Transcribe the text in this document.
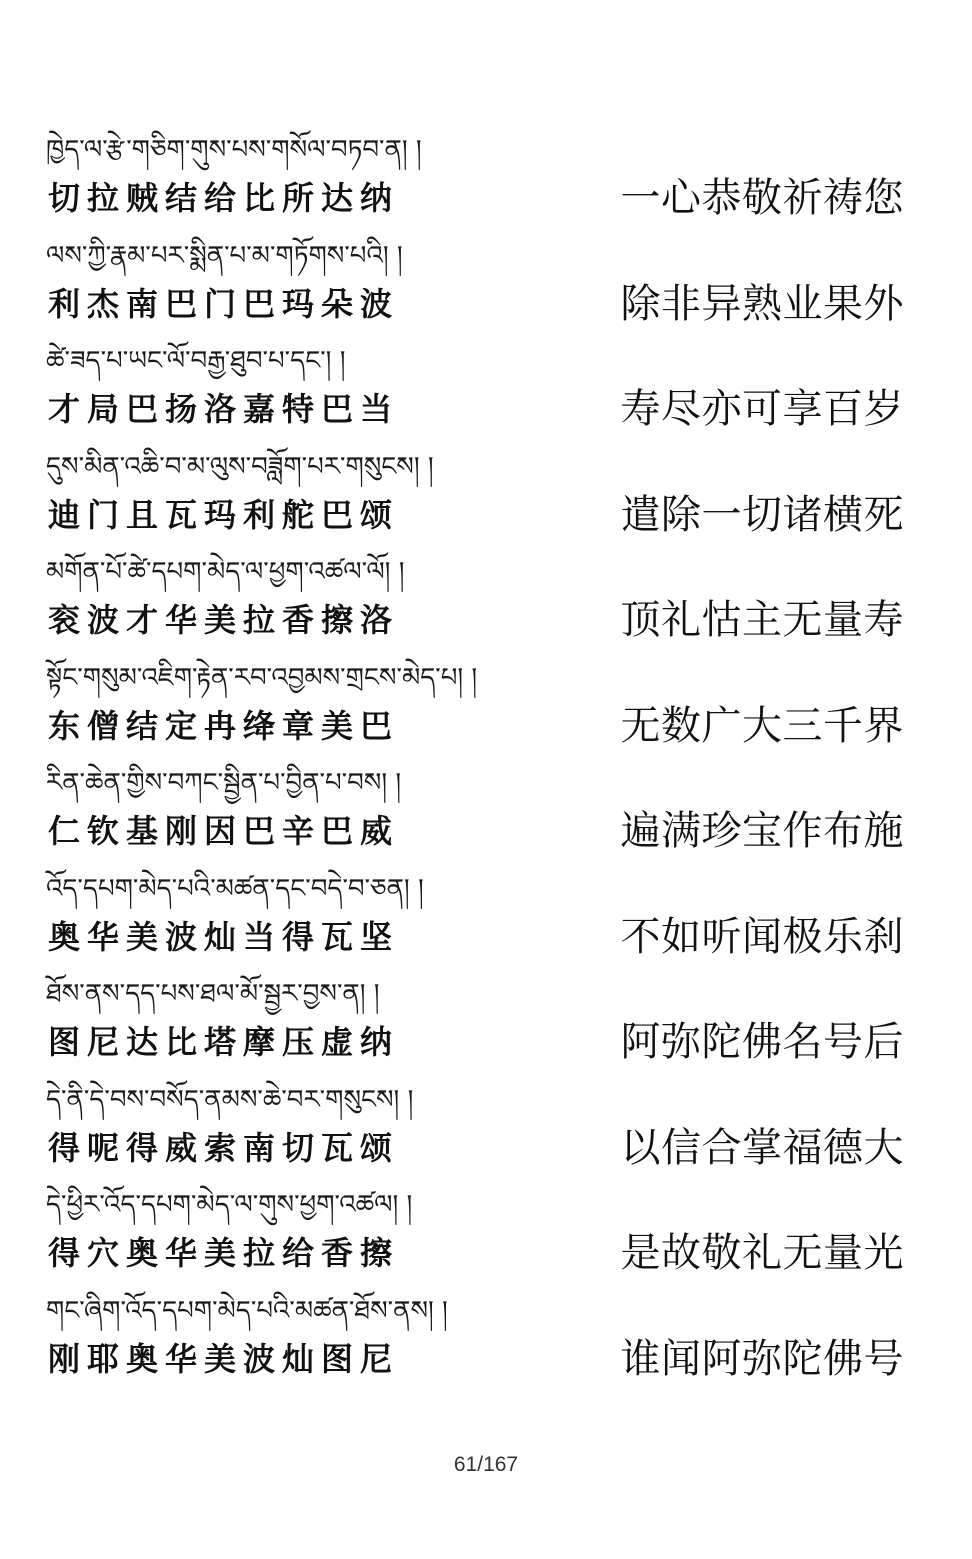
ཁྱེད་ལ་རྩེ་གཅིག་གུས་པས་གསོལ་བཏབ་ན། །
切拉贼结给比所达纳	一心恭敬祈祷您
ལས་ཀྱི་རྣམ་པར་སྨིན་པ་མ་གཏོགས་པའི། །
利杰南巴门巴玛朵波	除非异熟业果外
ཚེ་ཟད་པ་ཡང་ལོ་བརྒྱ་ཐུབ་པ་དང་། །
才局巴扬洛嘉特巴当	寿尽亦可享百岁
དུས་མིན་འཆི་བ་མ་ལུས་བཟློག་པར་གསུངས། །
迪门且瓦玛利舵巴颂	遣除一切诸横死
མགོན་པོ་ཚེ་དཔག་མེད་ལ་ཕྱག་འཚལ་ལོ། །
衮波才华美拉香擦洛	顶礼怙主无量寿
སྟོང་གསུམ་འཇིག་རྟེན་རབ་འབྱམས་གྲངས་མེད་པ། །
东僧结定冉绛章美巴	无数广大三千界
རིན་ཆེན་གྱིས་བཀང་སྦྱིན་པ་བྱིན་པ་བས། །
仁钦基刚因巴辛巴威	遍满珍宝作布施
འོད་དཔག་མེད་པའི་མཚན་དང་བདེ་བ་ཅན། །
奥华美波灿当得瓦坚	不如听闻极乐刹
ཐོས་ནས་དད་པས་ཐལ་མོ་སྦྱར་བྱས་ན། །
图尼达比塔摩压虚纳	阿弥陀佛名号后
དེ་ནི་དེ་བས་བསོད་ནམས་ཆེ་བར་གསུངས། །
得呢得威索南切瓦颂	以信合掌福德大
དེ་ཕྱིར་འོད་དཔག་མེད་ལ་གུས་ཕྱག་འཚལ། །
得穴奥华美拉给香擦	是故敬礼无量光
གང་ཞིག་འོད་དཔག་མེད་པའི་མཚན་ཐོས་ནས། །
刚耶奥华美波灿图尼	谁闻阿弥陀佛号
61/167
